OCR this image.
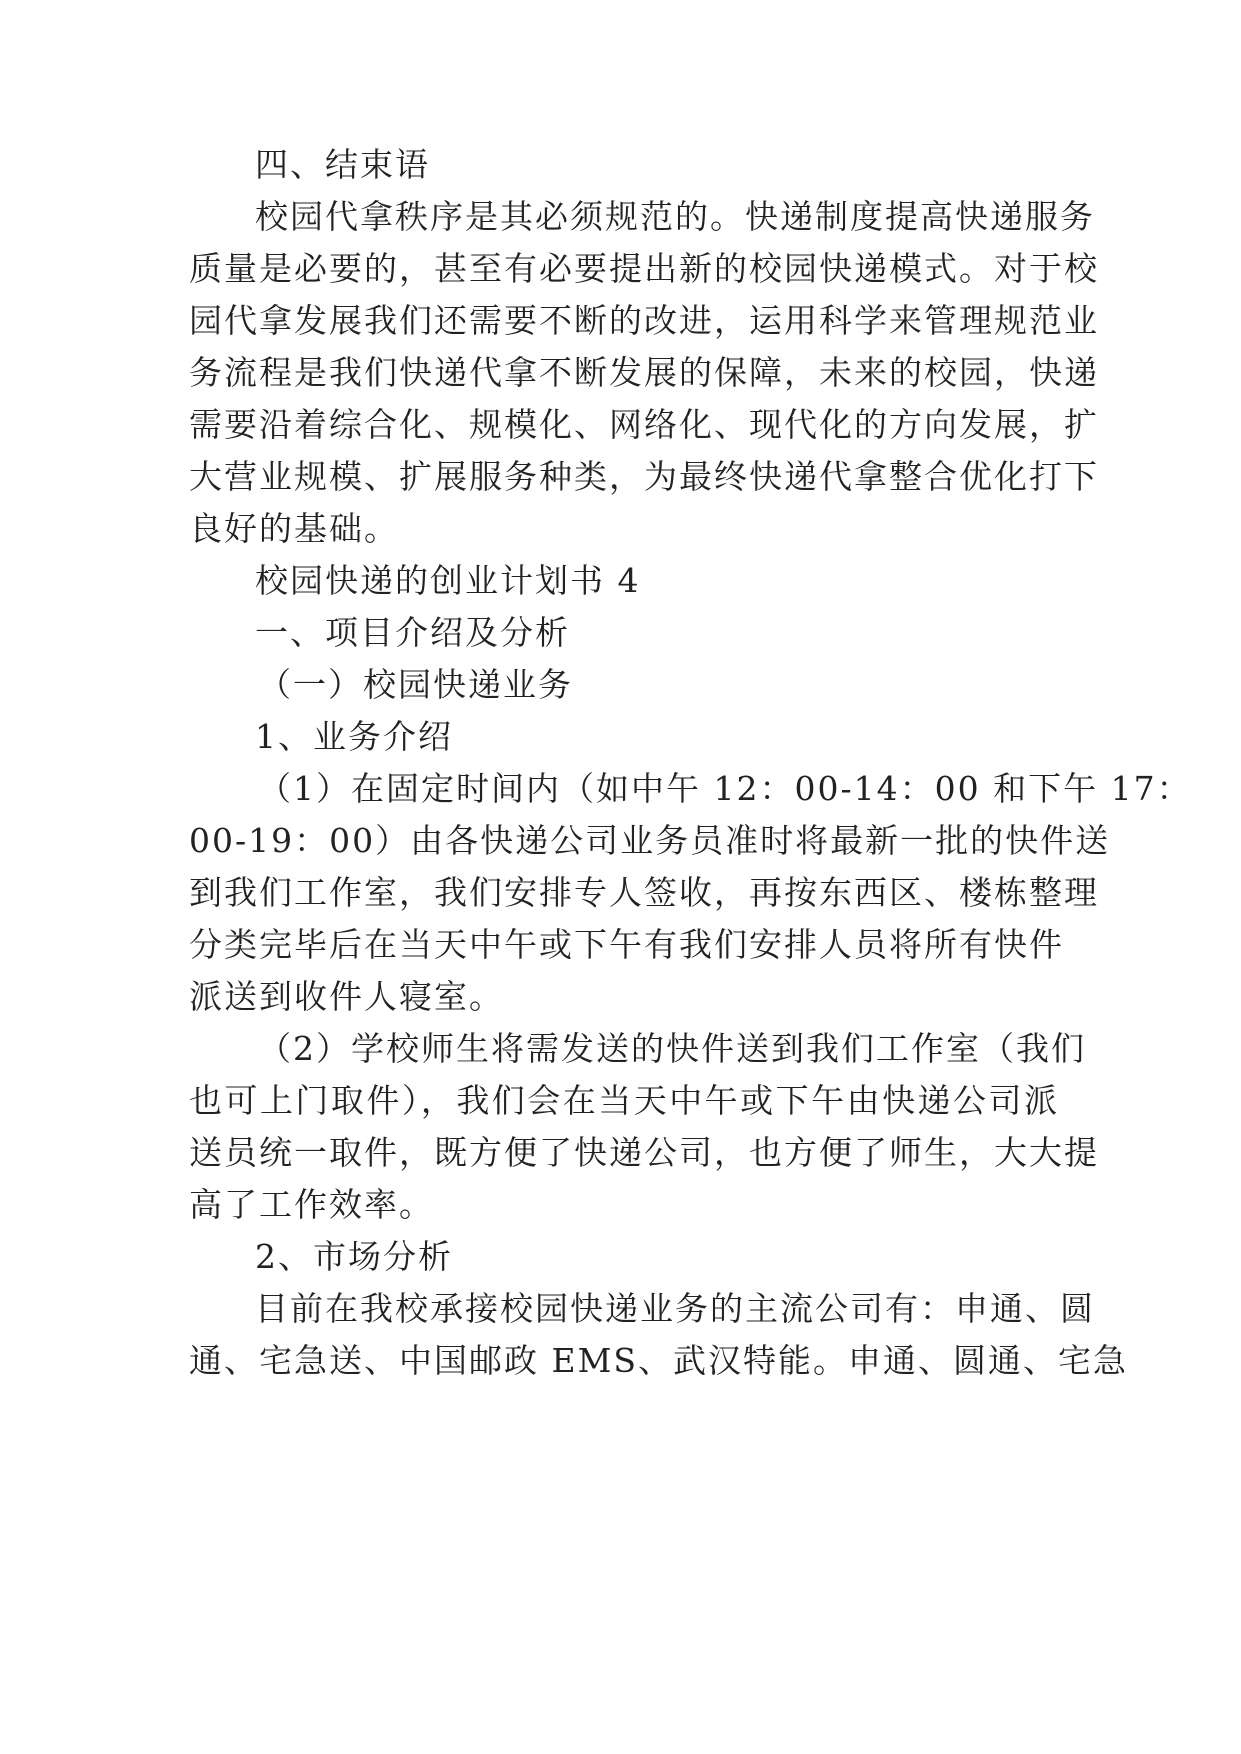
四、结束语
校园代拿秩序是其必须规范的。快递制度提高快递服务
质量是必要的，甚至有必要提出新的校园快递模式。对于校
园代拿发展我们还需要不断的改进，运用科学来管理规范业
务流程是我们快递代拿不断发展的保障，未来的校园，快递
需要沿着综合化、规模化、网络化、现代化的方向发展，扩
大营业规模、扩展服务种类，为最终快递代拿整合优化打下
良好的基础。
校园快递的创业计划书 4
一、项目介绍及分析
（一）校园快递业务
1、业务介绍
（1）在固定时间内（如中午 12：00-14：00 和下午 17：
00-19：00）由各快递公司业务员准时将最新一批的快件送
到我们工作室，我们安排专人签收，再按东西区、楼栋整理
分类完毕后在当天中午或下午有我们安排人员将所有快件
派送到收件人寝室。
（2）学校师生将需发送的快件送到我们工作室（我们
也可上门取件），我们会在当天中午或下午由快递公司派
送员统一取件，既方便了快递公司，也方便了师生，大大提
高了工作效率。
2、市场分析
目前在我校承接校园快递业务的主流公司有：申通、圆
通、宅急送、中国邮政 EMS、武汉特能。申通、圆通、宅急
